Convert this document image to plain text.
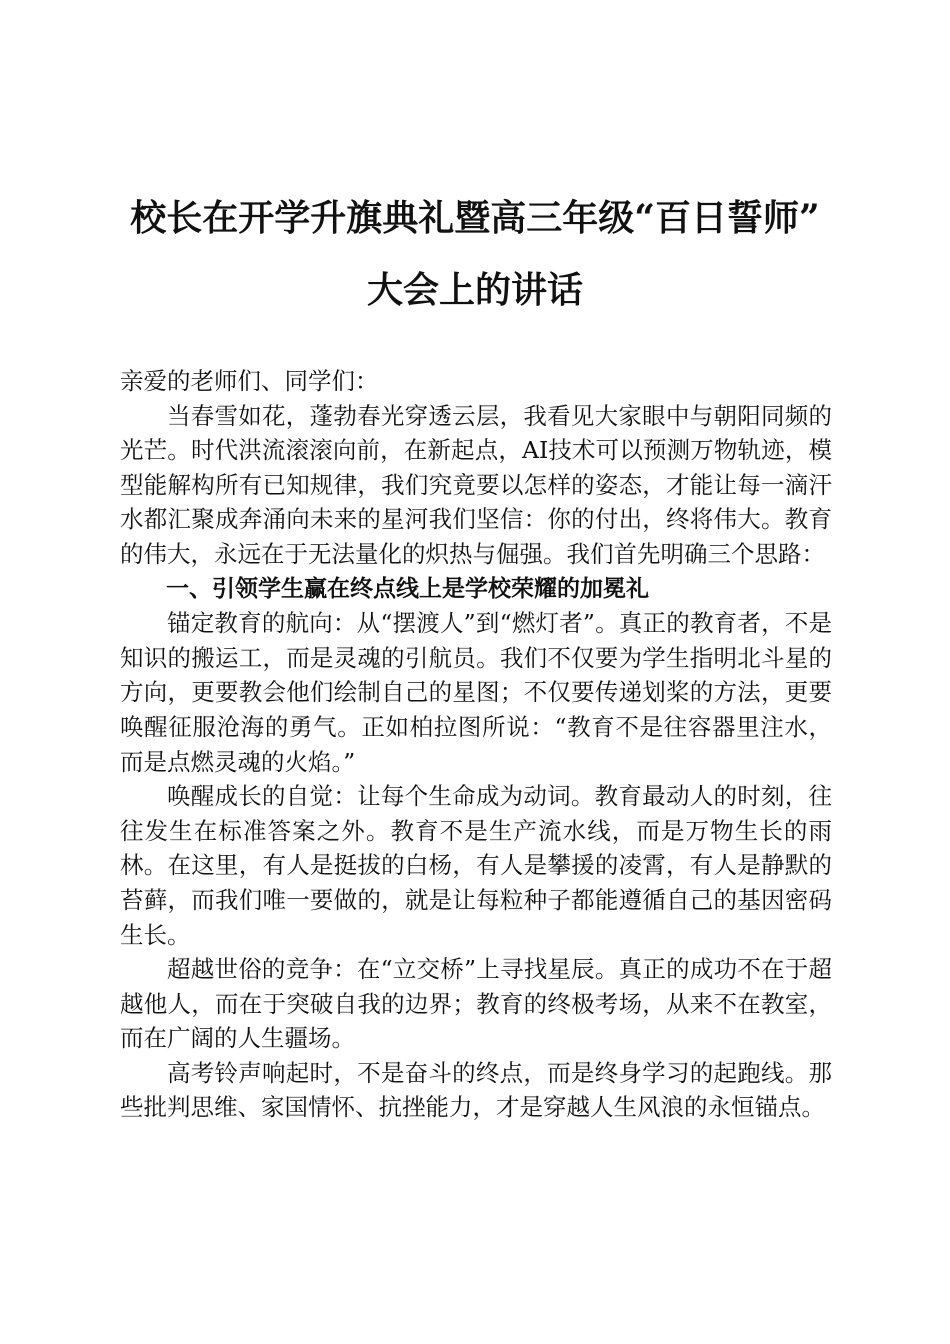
校长在开学升旗典礼暨高三年级“百日誓师”
大会上的讲话

亲爱的老师们、同学们：

当春雪如花，蓬勃春光穿透云层，我看见大家眼中与朝阳同频的光芒。时代洪流滚滚向前，在新起点，AI技术可以预测万物轨迹，模型能解构所有已知规律，我们究竟要以怎样的姿态，才能让每一滴汗水都汇聚成奔涌向未来的星河我们坚信：你的付出，终将伟大。教育的伟大，永远在于无法量化的炽热与倔强。我们首先明确三个思路：

一、引领学生赢在终点线上是学校荣耀的加冕礼

锚定教育的航向：从“摆渡人”到“燃灯者”。真正的教育者，不是知识的搬运工，而是灵魂的引航员。我们不仅要为学生指明北斗星的方向，更要教会他们绘制自己的星图；不仅要传递划桨的方法，更要唤醒征服沧海的勇气。正如柏拉图所说：“教育不是往容器里注水，而是点燃灵魂的火焰。”

唤醒成长的自觉：让每个生命成为动词。教育最动人的时刻，往往发生在标准答案之外。教育不是生产流水线，而是万物生长的雨林。在这里，有人是挺拔的白杨，有人是攀援的凌霄，有人是静默的苔藓，而我们唯一要做的，就是让每粒种子都能遵循自己的基因密码生长。

超越世俗的竞争：在“立交桥”上寻找星辰。真正的成功不在于超越他人，而在于突破自我的边界；教育的终极考场，从来不在教室，而在广阔的人生疆场。

高考铃声响起时，不是奋斗的终点，而是终身学习的起跑线。那些批判思维、家国情怀、抗挫能力，才是穿越人生风浪的永恒锚点。
